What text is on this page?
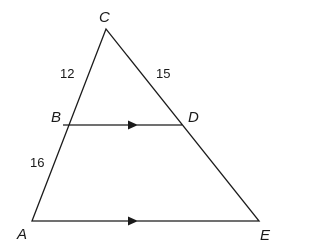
C
B	D
A	E
12	15
16
